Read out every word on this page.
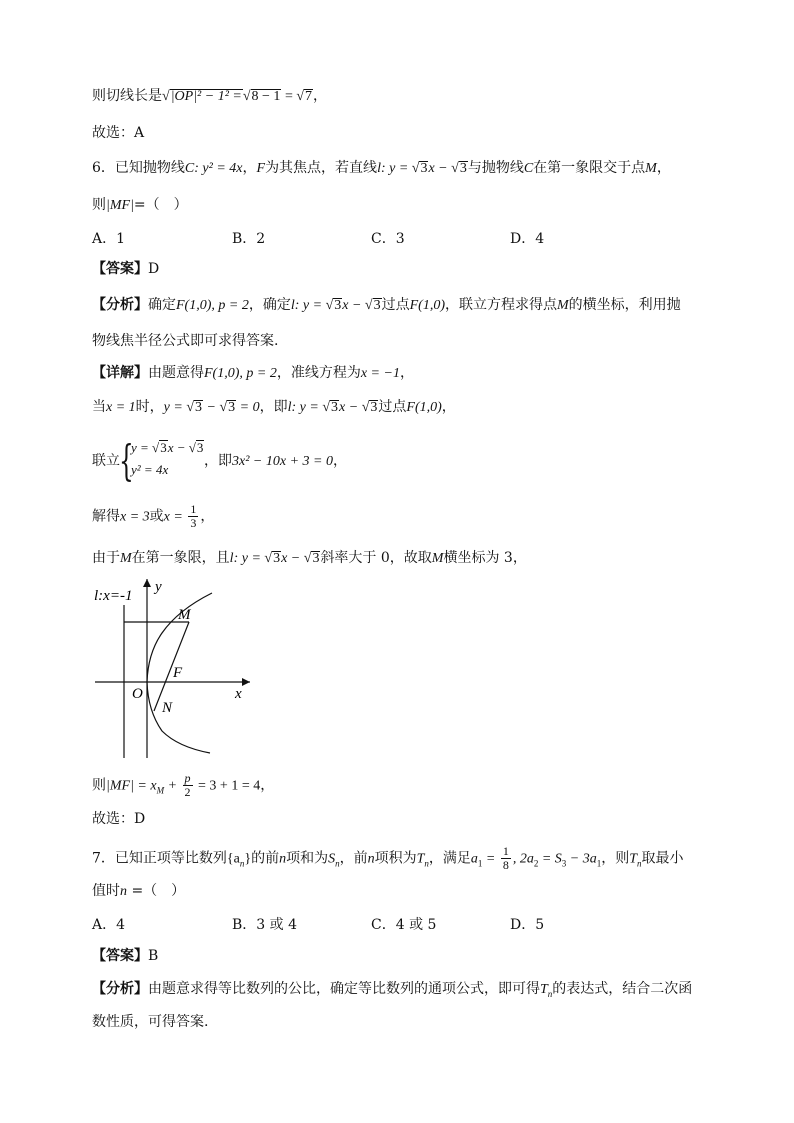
则切线长是√|OP|² − 1² =√8 − 1 = √7，
故选：A
6．已知抛物线C: y² = 4x，F为其焦点，若直线l: y = √3x − √3与抛物线C在第一象限交于点M，
则|MF|=（　）
A．1	B．2	C．3	D．4
【答案】D
【分析】确定F(1,0), p = 2，确定l: y = √3x − √3过点F(1,0)，联立方程求得点M的横坐标，利用抛
物线焦半径公式即可求得答案.
【详解】由题意得F(1,0), p = 2，准线方程为x = −1，
当x = 1时，y = √3 − √3 = 0，即l: y = √3x − √3过点F(1,0)，
联立 {
y = √3x − √3
y² = 4x
，即3x² − 10x + 3 = 0，
解得x = 3或$x = \frac{1}{3}$ ，
由于M在第一象限，且l: y = √3x − √3斜率大于 0，故取M横坐标为 3，
l:x=-1
y
x
M
F
O
N
则$|MF| = x_M + \frac{p}{2} = 3 + 1 = 4$，
故选：D
7．已知正项等比数列$\{a_n\}$的前n项和为$S_n$，前n项积为$T_n$，满足$a_1 = \frac{1}{8}$ , $2a_2 = S_3 - 3a_1$，则$T_n$取最小
值时n =（　）
A．4	B．3 或 4	C．4 或 5	D．5
【答案】B
【分析】由题意求得等比数列的公比，确定等比数列的通项公式，即可得$T_n$的表达式，结合二次函
数性质，可得答案.
